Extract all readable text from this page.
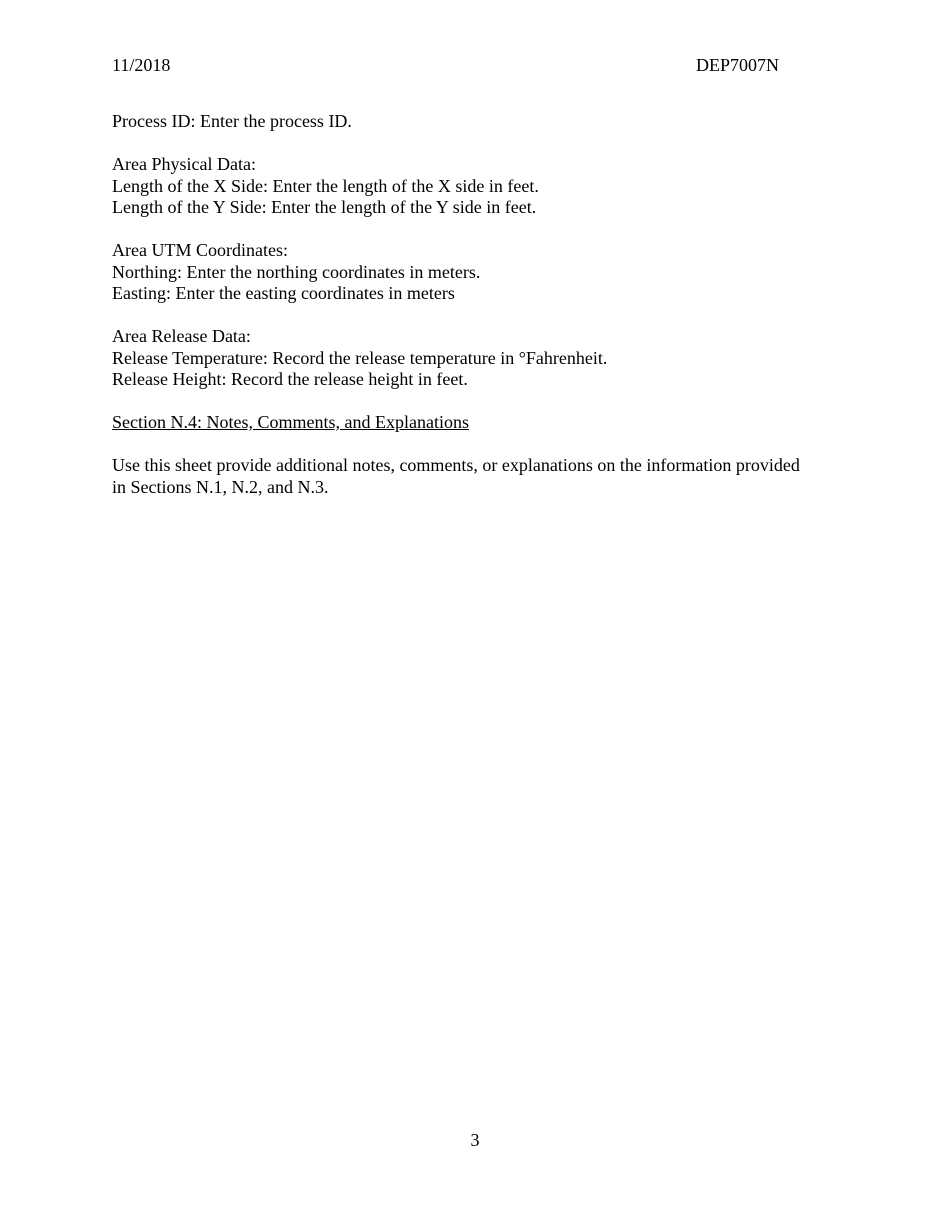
11/2018	DEP7007N

Process ID: Enter the process ID.

Area Physical Data:

Length of the X Side: Enter the length of the X side in feet.

Length of the Y Side: Enter the length of the Y side in feet.

Area UTM Coordinates:

Northing: Enter the northing coordinates in meters.

Easting: Enter the easting coordinates in meters

Area Release Data:

Release Temperature: Record the release temperature in °Fahrenheit.

Release Height: Record the release height in feet.

Section N.4: Notes, Comments, and Explanations

Use this sheet provide additional notes, comments, or explanations on the information provided

in Sections N.1, N.2, and N.3.

3
